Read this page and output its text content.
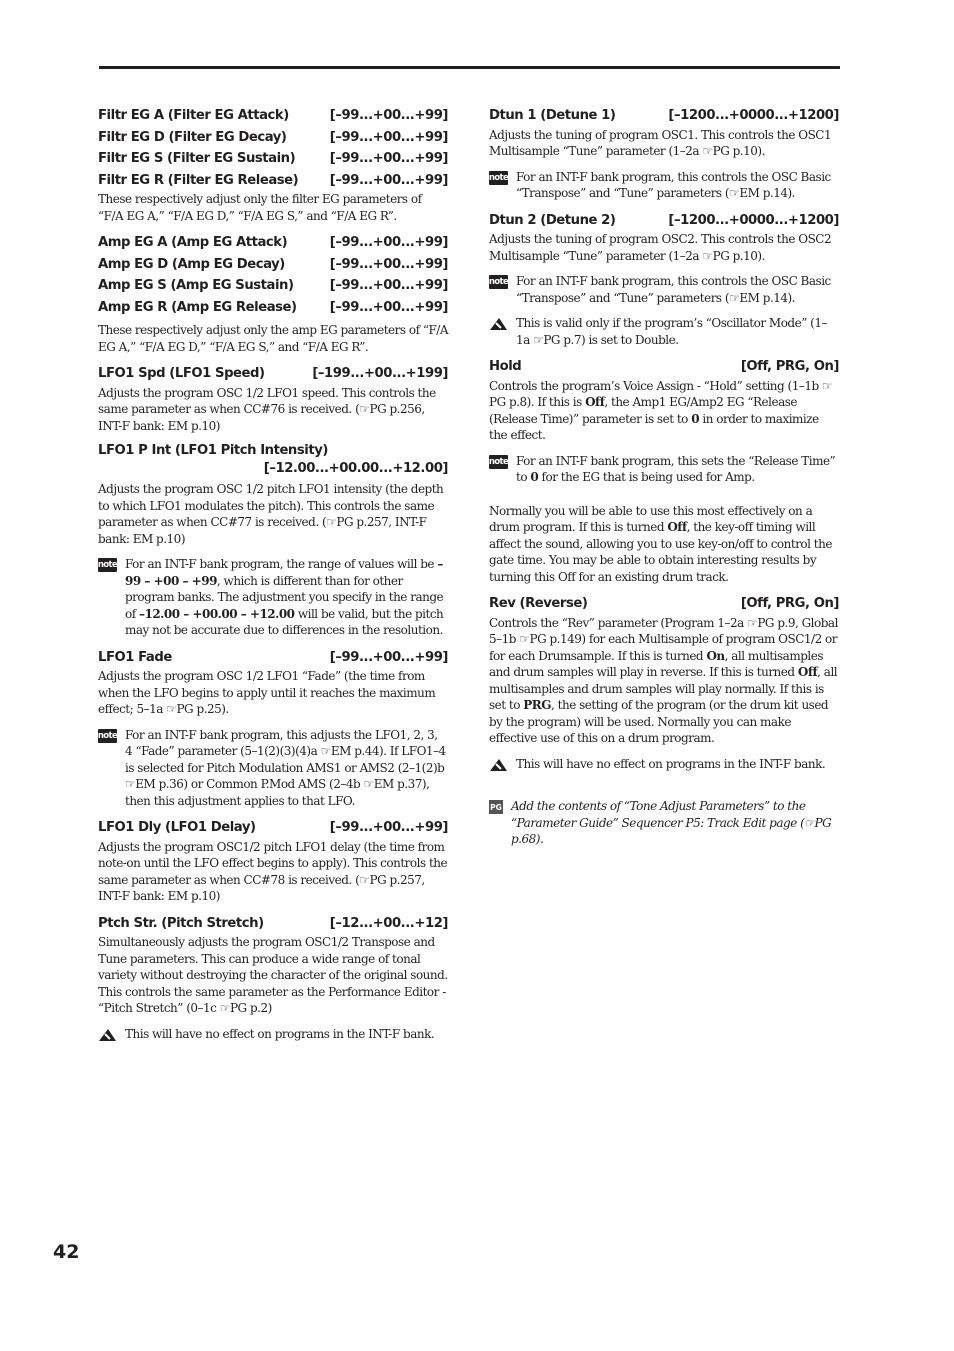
Filtr EG A (Filter EG Attack)	[–99...+00...+99]
Filtr EG D (Filter EG Decay)	[–99...+00...+99]
Filtr EG S (Filter EG Sustain)	[–99...+00...+99]
Filtr EG R (Filter EG Release) [–99...+00...+99]

These respectively adjust only the filter EG parameters of “F/A EG A,” “F/A EG D,” “F/A EG S,” and “F/A EG R”.

Amp EG A (Amp EG Attack)	[–99...+00...+99]
Amp EG D (Amp EG Decay)	[–99...+00...+99]
Amp EG S (Amp EG Sustain)	[–99...+00...+99]
Amp EG R (Amp EG Release)	[–99...+00...+99]

These respectively adjust only the amp EG parameters of “F/A EG A,” “F/A EG D,” “F/A EG S,” and “F/A EG R”.

LFO1 Spd (LFO1 Speed)	[–199...+00...+199]

Adjusts the program OSC 1/2 LFO1 speed. This controls the same parameter as when CC#76 is received. (☞PG p.256, INT-F bank: EM p.10)

LFO1 P Int (LFO1 Pitch Intensity)
[–12.00...+00.00...+12.00]

Adjusts the program OSC 1/2 pitch LFO1 intensity (the depth to which LFO1 modulates the pitch). This controls the same parameter as when CC#77 is received. (☞PG p.257, INT-F bank: EM p.10)

note For an INT-F bank program, the range of values will be –99 – +00 – +99, which is different than for other program banks. The adjustment you specify in the range of –12.00 – +00.00 – +12.00 will be valid, but the pitch may not be accurate due to differences in the resolution.

LFO1 Fade	[–99...+00...+99]

Adjusts the program OSC 1/2 LFO1 “Fade” (the time from when the LFO begins to apply until it reaches the maximum effect; 5–1a ☞PG p.25).

note For an INT-F bank program, this adjusts the LFO1, 2, 3, 4 “Fade” parameter (5–1(2)(3)(4)a ☞EM p.44). If LFO1–4 is selected for Pitch Modulation AMS1 or AMS2 (2–1(2)b ☞EM p.36) or Common P.Mod AMS (2–4b ☞EM p.37), then this adjustment applies to that LFO.

LFO1 Dly (LFO1 Delay)	[–99...+00...+99]

Adjusts the program OSC1/2 pitch LFO1 delay (the time from note-on until the LFO effect begins to apply). This controls the same parameter as when CC#78 is received. (☞PG p.257, INT-F bank: EM p.10)

Ptch Str. (Pitch Stretch)	[–12...+00...+12]

Simultaneously adjusts the program OSC1/2 Transpose and Tune parameters. This can produce a wide range of tonal variety without destroying the character of the original sound.

This controls the same parameter as the Performance Editor - “Pitch Stretch” (0–1c ☞PG p.2)

This will have no effect on programs in the INT-F bank.

Dtun 1 (Detune 1)	[–1200...+0000...+1200]

Adjusts the tuning of program OSC1. This controls the OSC1 Multisample “Tune” parameter (1–2a ☞PG p.10).

note For an INT-F bank program, this controls the OSC Basic “Transpose” and “Tune” parameters (☞EM p.14).

Dtun 2 (Detune 2)	[–1200...+0000...+1200]

Adjusts the tuning of program OSC2. This controls the OSC2 Multisample “Tune” parameter (1–2a ☞PG p.10).

note For an INT-F bank program, this controls the OSC Basic “Transpose” and “Tune” parameters (☞EM p.14).

This is valid only if the program’s “Oscillator Mode” (1–1a ☞PG p.7) is set to Double.

Hold	[Off, PRG, On]

Controls the program’s Voice Assign - “Hold” setting (1–1b ☞PG p.8). If this is Off, the Amp1 EG/Amp2 EG “Release (Release Time)” parameter is set to 0 in order to maximize the effect.

note For an INT-F bank program, this sets the “Release Time” to 0 for the EG that is being used for Amp.

Normally you will be able to use this most effectively on a drum program. If this is turned Off, the key-off timing will affect the sound, allowing you to use key-on/off to control the gate time. You may be able to obtain interesting results by turning this Off for an existing drum track.

Rev (Reverse)	[Off, PRG, On]

Controls the “Rev” parameter (Program 1–2a ☞PG p.9, Global 5–1b ☞PG p.149) for each Multisample of program OSC1/2 or for each Drumsample. If this is turned On, all multisamples and drum samples will play in reverse. If this is turned Off, all multisamples and drum samples will play normally. If this is set to PRG, the setting of the program (or the drum kit used by the program) will be used. Normally you can make effective use of this on a drum program.

This will have no effect on programs in the INT-F bank.

PG Add the contents of “Tone Adjust Parameters” to the “Parameter Guide” Sequencer P5: Track Edit page (☞PG p.68).

42
